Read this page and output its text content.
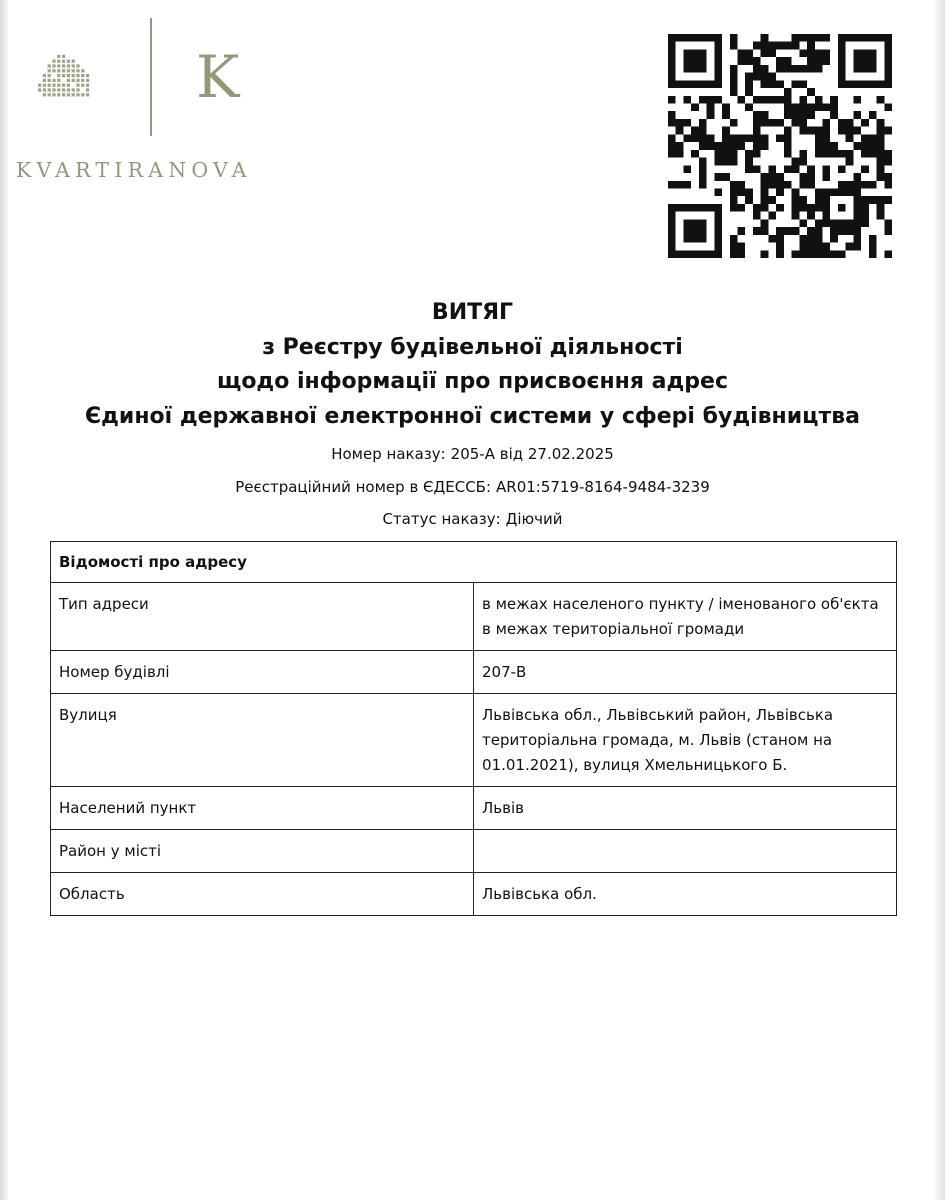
K
KVARTIRANOVA
ВИТЯГ
з Реєстру будівельної діяльності
щодо інформації про присвоєння адрес
Єдиної державної електронної системи у сфері будівництва
Номер наказу: 205-А від 27.02.2025
Реєстраційний номер в ЄДЕССБ: AR01:5719-8164-9484-3239
Статус наказу: Діючий
Відомості про адресу	
Тип адреси	в межах населеного пункту / іменованого об'єкта в межах територіальної громади
Номер будівлі	207-В
Вулиця	Львівська обл., Львівський район, Львівська територіальна громада, м. Львів (станом на 01.01.2021), вулиця Хмельницького Б.
Населений пункт	Львів
Район у місті	
Область	Львівська обл.
